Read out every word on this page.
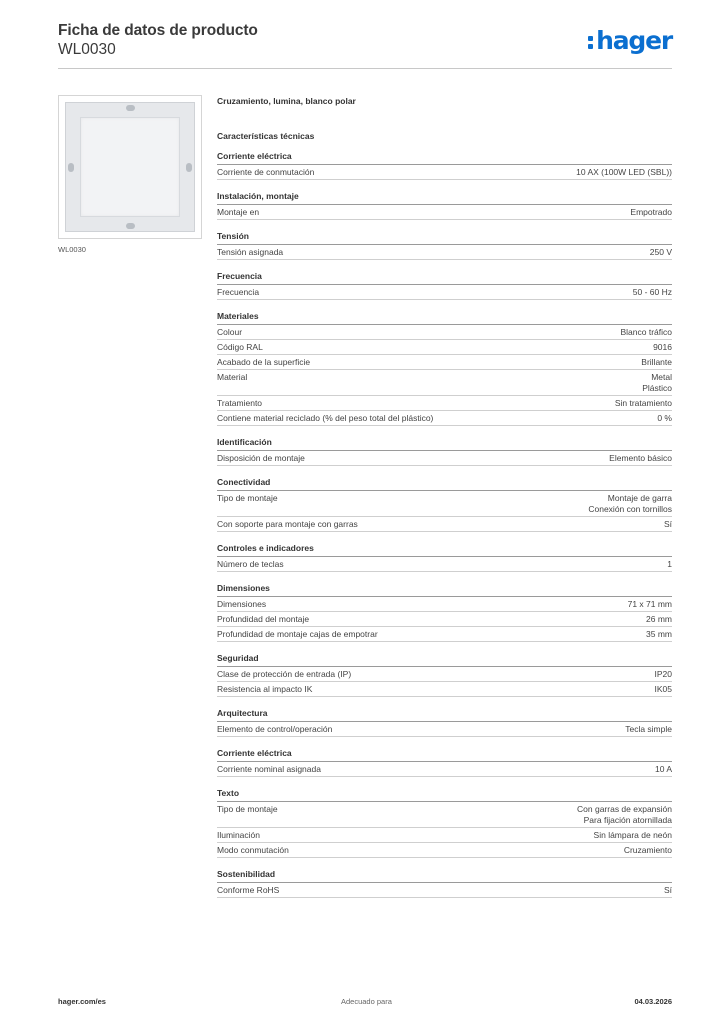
Ficha de datos de producto
WL0030	hager
WL0030
Cruzamiento, lumina, blanco polar
Características técnicas
Corriente eléctrica
Corriente de conmutación	10 AX (100W LED (SBL))
Instalación, montaje
Montaje en	Empotrado
Tensión
Tensión asignada	250 V
Frecuencia
Frecuencia	50 - 60 Hz
Materiales
Colour	Blanco tráfico
Código RAL	9016
Acabado de la superficie	Brillante
Material	Metal
Plástico
Tratamiento	Sin tratamiento
Contiene material reciclado (% del peso total del plástico)	0 %
Identificación
Disposición de montaje	Elemento básico
Conectividad
Tipo de montaje	Montaje de garra
Conexión con tornillos
Con soporte para montaje con garras	Sí
Controles e indicadores
Número de teclas	1
Dimensiones
Dimensiones	71 x 71 mm
Profundidad del montaje	26 mm
Profundidad de montaje cajas de empotrar	35 mm
Seguridad
Clase de protección de entrada (IP)	IP20
Resistencia al impacto IK	IK05
Arquitectura
Elemento de control/operación	Tecla simple
Corriente eléctrica
Corriente nominal asignada	10 A
Texto
Tipo de montaje	Con garras de expansión
Para fijación atornillada
Iluminación	Sin lámpara de neón
Modo conmutación	Cruzamiento
Sostenibilidad
Conforme RoHS	Sí
hager.com/es	Adecuado para	04.03.2026
